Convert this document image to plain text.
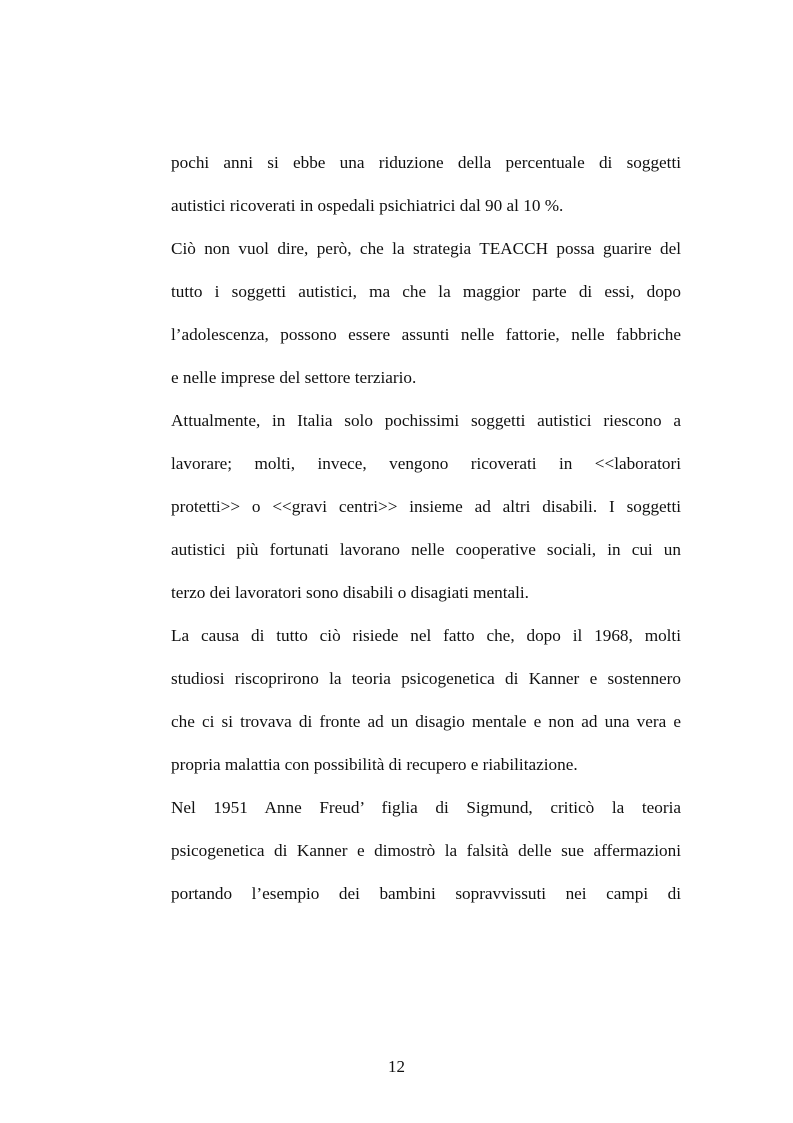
pochi anni si ebbe una riduzione della percentuale di soggetti
autistici ricoverati in ospedali psichiatrici dal 90 al 10 %.
Ciò non vuol dire, però, che la strategia TEACCH possa guarire del
tutto i soggetti autistici, ma che la maggior parte di essi, dopo
l’adolescenza, possono essere assunti nelle fattorie, nelle fabbriche
e nelle imprese del settore terziario.
Attualmente, in Italia solo pochissimi soggetti autistici riescono a
lavorare; molti, invece, vengono ricoverati in <<laboratori
protetti>> o <<gravi centri>> insieme ad altri disabili. I soggetti
autistici più fortunati lavorano nelle cooperative sociali, in cui un
terzo dei lavoratori sono disabili o disagiati mentali.
La causa di tutto ciò risiede nel fatto che, dopo il 1968, molti
studiosi riscoprirono la teoria psicogenetica di Kanner e sostennero
che ci si trovava di fronte ad un disagio mentale e non ad una vera e
propria malattia con possibilità di recupero e riabilitazione.
Nel 1951 Anne Freud’ figlia di Sigmund, criticò la teoria
psicogenetica di Kanner e dimostrò la falsità delle sue affermazioni
portando l’esempio dei bambini sopravvissuti nei campi di
12
